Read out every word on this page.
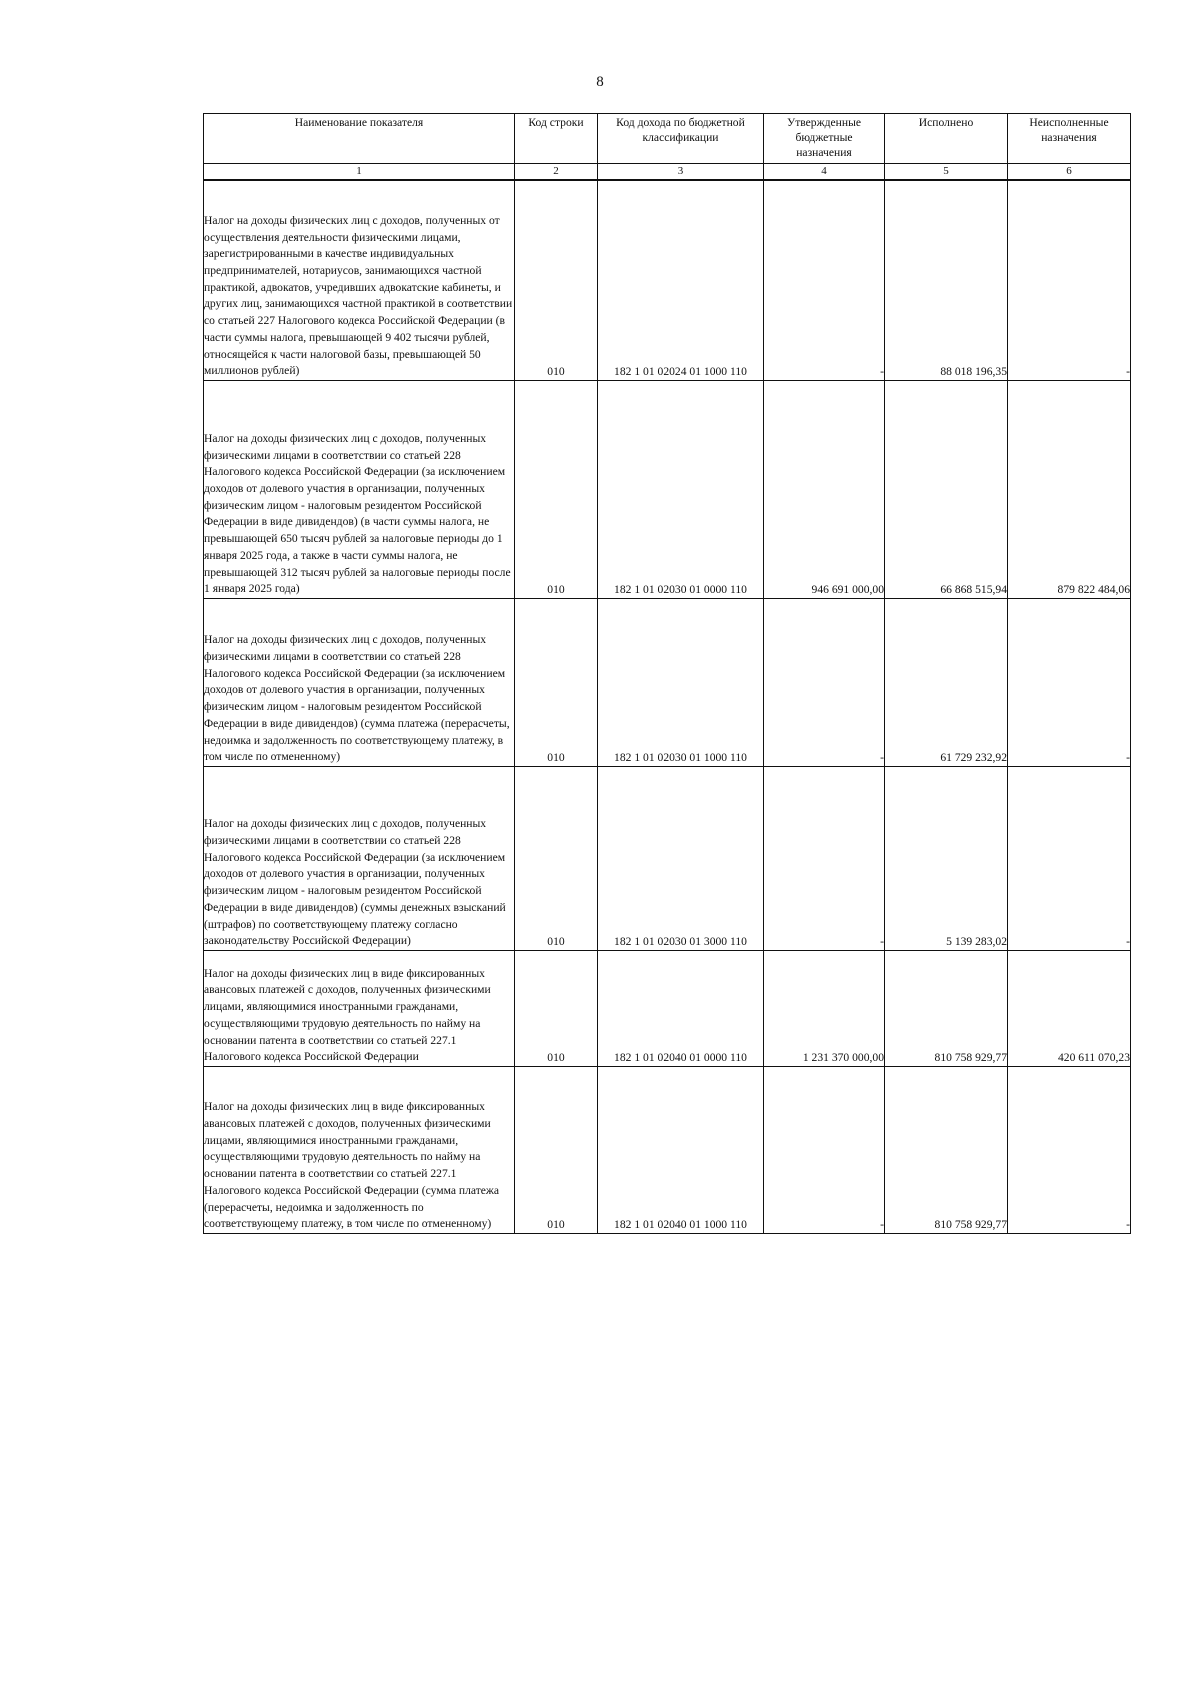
8
Наименование показателя	Код строки	Код дохода по бюджетной классификации	Утвержденные бюджетные назначения	Исполнено	Неисполненные назначения
1	2	3	4	5	6
Налог на доходы физических лиц с доходов, полученных от осуществления деятельности физическими лицами, зарегистрированными в качестве индивидуальных предпринимателей, нотариусов, занимающихся частной практикой, адвокатов, учредивших адвокатские кабинеты, и других лиц, занимающихся частной практикой в соответствии со статьей 227 Налогового кодекса Российской Федерации (в части суммы налога, превышающей 9 402 тысячи рублей, относящейся к части налоговой базы, превышающей 50 миллионов рублей)	010	182 1 01 02024 01 1000 110	-	88 018 196,35	-
Налог на доходы физических лиц с доходов, полученных физическими лицами в соответствии со статьей 228 Налогового кодекса Российской Федерации (за исключением доходов от долевого участия в организации, полученных физическим лицом - налоговым резидентом Российской Федерации в виде дивидендов) (в части суммы налога, не превышающей 650 тысяч рублей за налоговые периоды до 1 января 2025 года, а также в части суммы налога, не превышающей 312 тысяч рублей за налоговые периоды после 1 января 2025 года)	010	182 1 01 02030 01 0000 110	946 691 000,00	66 868 515,94	879 822 484,06
Налог на доходы физических лиц с доходов, полученных физическими лицами в соответствии со статьей 228 Налогового кодекса Российской Федерации (за исключением доходов от долевого участия в организации, полученных физическим лицом - налоговым резидентом Российской Федерации в виде дивидендов) (сумма платежа (перерасчеты, недоимка и задолженность по соответствующему платежу, в том числе по отмененному)	010	182 1 01 02030 01 1000 110	-	61 729 232,92	-
Налог на доходы физических лиц с доходов, полученных физическими лицами в соответствии со статьей 228 Налогового кодекса Российской Федерации (за исключением доходов от долевого участия в организации, полученных физическим лицом - налоговым резидентом Российской Федерации в виде дивидендов) (суммы денежных взысканий (штрафов) по соответствующему платежу согласно законодательству Российской Федерации)	010	182 1 01 02030 01 3000 110	-	5 139 283,02	-
Налог на доходы физических лиц в виде фиксированных авансовых платежей с доходов, полученных физическими лицами, являющимися иностранными гражданами, осуществляющими трудовую деятельность по найму на основании патента в соответствии со статьей 227.1 Налогового кодекса Российской Федерации	010	182 1 01 02040 01 0000 110	1 231 370 000,00	810 758 929,77	420 611 070,23
Налог на доходы физических лиц в виде фиксированных авансовых платежей с доходов, полученных физическими лицами, являющимися иностранными гражданами, осуществляющими трудовую деятельность по найму на основании патента в соответствии со статьей 227.1 Налогового кодекса Российской Федерации (сумма платежа (перерасчеты, недоимка и задолженность по соответствующему платежу, в том числе по отмененному)	010	182 1 01 02040 01 1000 110	-	810 758 929,77	-
